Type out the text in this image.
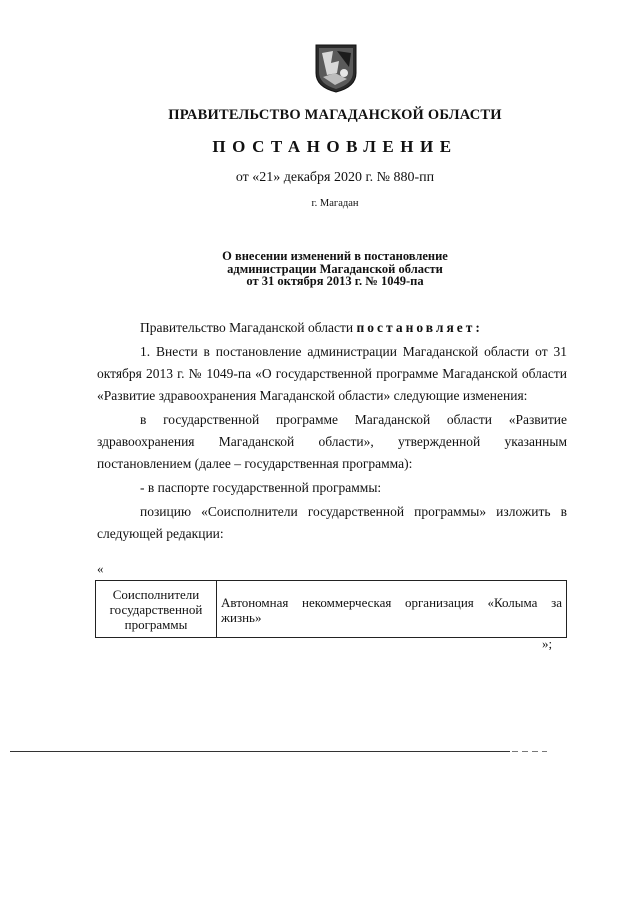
ПРАВИТЕЛЬСТВО МАГАДАНСКОЙ ОБЛАСТИ
ПОСТАНОВЛЕНИЕ
от «21» декабря 2020 г. № 880-пп
г. Магадан
О внесении изменений в постановление
администрации Магаданской области
от 31 октября 2013 г. № 1049-па
Правительство Магаданской области постановляет:
1. Внести в постановление администрации Магаданской области от 31 октября 2013 г. № 1049-па «О государственной программе Магаданской области «Развитие здравоохранения Магаданской области» следующие изменения:
в государственной программе Магаданской области «Развитие здравоохранения Магаданской области», утвержденной указанным постановлением (далее – государственная программа):
- в паспорте государственной программы:
позицию «Соисполнители государственной программы» изложить в следующей редакции:
«
Соисполнители государственной программы	Автономная некоммерческая организация «Колыма за жизнь»
»;
